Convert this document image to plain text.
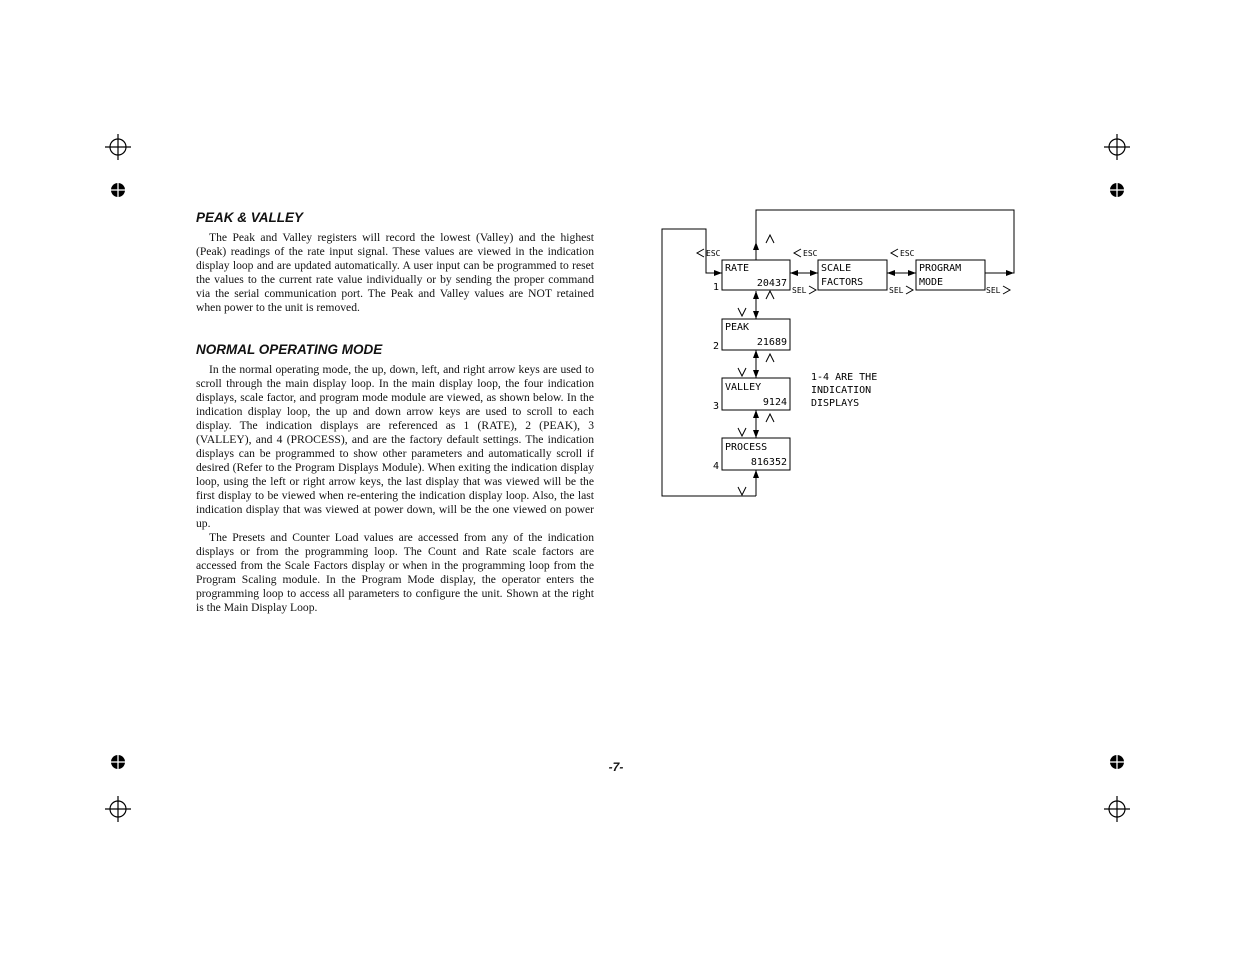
PEAK & VALLEY

The Peak and Valley registers will record the lowest (Valley) and the highest (Peak) readings of the rate input signal. These values are viewed in the indication display loop and are updated automatically. A user input can be programmed to reset the values to the current rate value individually or by sending the proper command via the serial communication port. The Peak and Valley values are NOT retained when power to the unit is removed.

NORMAL OPERATING MODE

In the normal operating mode, the up, down, left, and right arrow keys are used to scroll through the main display loop. In the main display loop, the four indication displays, scale factor, and program mode module are viewed, as shown below. In the indication display loop, the up and down arrow keys are used to scroll to each display. The indication displays are referenced as 1 (RATE), 2 (PEAK), 3 (VALLEY), and 4 (PROCESS), and are the factory default settings. The indication displays can be programmed to show other parameters and automatically scroll if desired (Refer to the Program Displays Module). When exiting the indication display loop, using the left or right arrow keys, the last display that was viewed will be the first display to be viewed when re-entering the indication display loop. Also, the last indication display that was viewed at power down, will be the one viewed on power up.
The Presets and Counter Load values are accessed from any of the indication displays or from the programming loop. The Count and Rate scale factors are accessed from the Scale Factors display or when in the programming loop from the Program Scaling module. In the Program Mode display, the operator enters the programming loop to access all parameters to configure the unit. Shown at the right is the Main Display Loop.

-7-
ESC	ESC	ESC
SEL	SEL	SEL
RATE
20437
1
SCALE
FACTORS
PROGRAM
MODE
PEAK
21689
2
VALLEY
9124
3
PROCESS
816352
4
1-4 ARE THE
INDICATION
DISPLAYS
